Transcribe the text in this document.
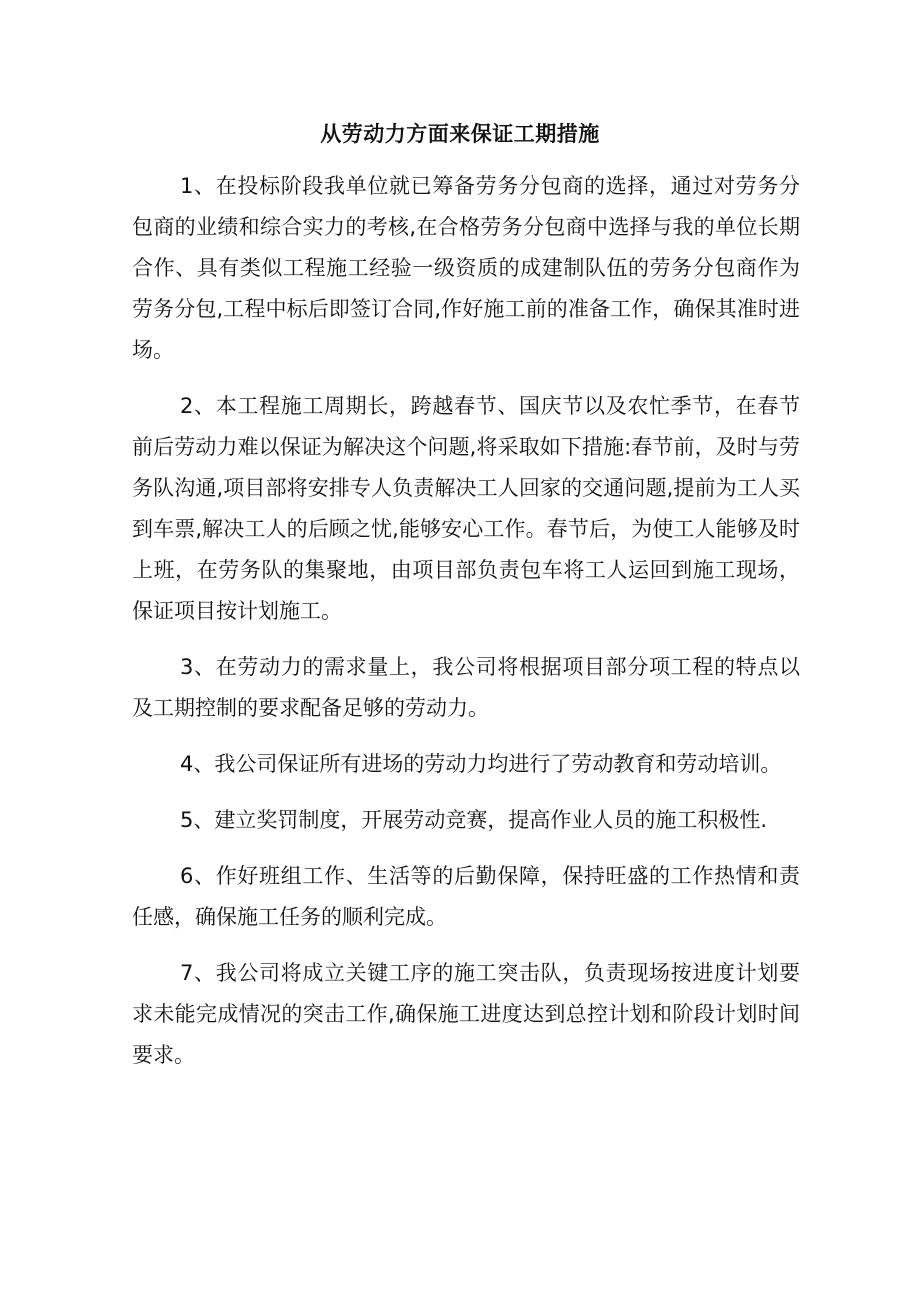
从劳动力方面来保证工期措施

1、在投标阶段我单位就已筹备劳务分包商的选择，通过对劳务分包商的业绩和综合实力的考核,在合格劳务分包商中选择与我的单位长期合作、具有类似工程施工经验一级资质的成建制队伍的劳务分包商作为劳务分包,工程中标后即签订合同,作好施工前的准备工作，确保其准时进场。

2、本工程施工周期长，跨越春节、国庆节以及农忙季节，在春节前后劳动力难以保证为解决这个问题,将采取如下措施:春节前，及时与劳务队沟通,项目部将安排专人负责解决工人回家的交通问题,提前为工人买到车票,解决工人的后顾之忧,能够安心工作。春节后，为使工人能够及时上班，在劳务队的集聚地，由项目部负责包车将工人运回到施工现场，保证项目按计划施工。

3、在劳动力的需求量上，我公司将根据项目部分项工程的特点以及工期控制的要求配备足够的劳动力。

4、我公司保证所有进场的劳动力均进行了劳动教育和劳动培训。

5、建立奖罚制度，开展劳动竞赛，提高作业人员的施工积极性.

6、作好班组工作、生活等的后勤保障，保持旺盛的工作热情和责任感，确保施工任务的顺利完成。

7、我公司将成立关键工序的施工突击队，负责现场按进度计划要求未能完成情况的突击工作,确保施工进度达到总控计划和阶段计划时间要求。
